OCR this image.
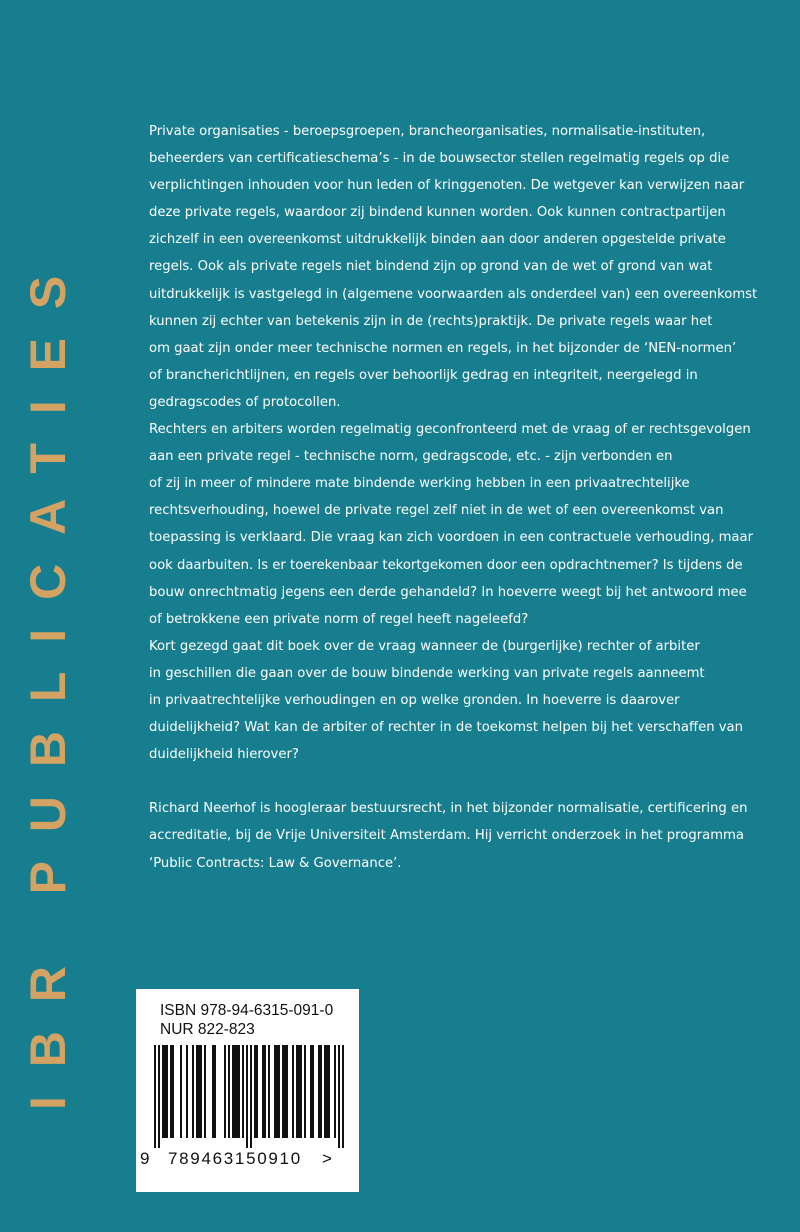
IBR PUBLICATIES
Private organisaties - beroepsgroepen, brancheorganisaties, normalisatie-instituten,
beheerders van certificatieschema’s - in de bouwsector stellen regelmatig regels op die
verplichtingen inhouden voor hun leden of kringgenoten. De wetgever kan verwijzen naar
deze private regels, waardoor zij bindend kunnen worden. Ook kunnen contractpartijen
zichzelf in een overeenkomst uitdrukkelijk binden aan door anderen opgestelde private
regels. Ook als private regels niet bindend zijn op grond van de wet of grond van wat
uitdrukkelijk is vastgelegd in (algemene voorwaarden als onderdeel van) een overeenkomst
kunnen zij echter van betekenis zijn in de (rechts)praktijk. De private regels waar het
om gaat zijn onder meer technische normen en regels, in het bijzonder de ‘NEN-normen’
of brancherichtlijnen, en regels over behoorlijk gedrag en integriteit, neergelegd in
gedragscodes of protocollen.
Rechters en arbiters worden regelmatig geconfronteerd met de vraag of er rechtsgevolgen
aan een private regel - technische norm, gedragscode, etc. - zijn verbonden en
of zij in meer of mindere mate bindende werking hebben in een privaatrechtelijke
rechtsverhouding, hoewel de private regel zelf niet in de wet of een overeenkomst van
toepassing is verklaard. Die vraag kan zich voordoen in een contractuele verhouding, maar
ook daarbuiten. Is er toerekenbaar tekortgekomen door een opdrachtnemer? Is tijdens de
bouw onrechtmatig jegens een derde gehandeld? In hoeverre weegt bij het antwoord mee
of betrokkene een private norm of regel heeft nageleefd?
Kort gezegd gaat dit boek over de vraag wanneer de (burgerlijke) rechter of arbiter
in geschillen die gaan over de bouw bindende werking van private regels aanneemt
in privaatrechtelijke verhoudingen en op welke gronden. In hoeverre is daarover
duidelijkheid? Wat kan de arbiter of rechter in de toekomst helpen bij het verschaffen van
duidelijkheid hierover?
Richard Neerhof is hoogleraar bestuursrecht, in het bijzonder normalisatie, certificering en
accreditatie, bij de Vrije Universiteit Amsterdam. Hij verricht onderzoek in het programma
‘Public Contracts: Law & Governance’.
ISBN 978-94-6315-091-0
NUR 822-823
9 789463150910 >
